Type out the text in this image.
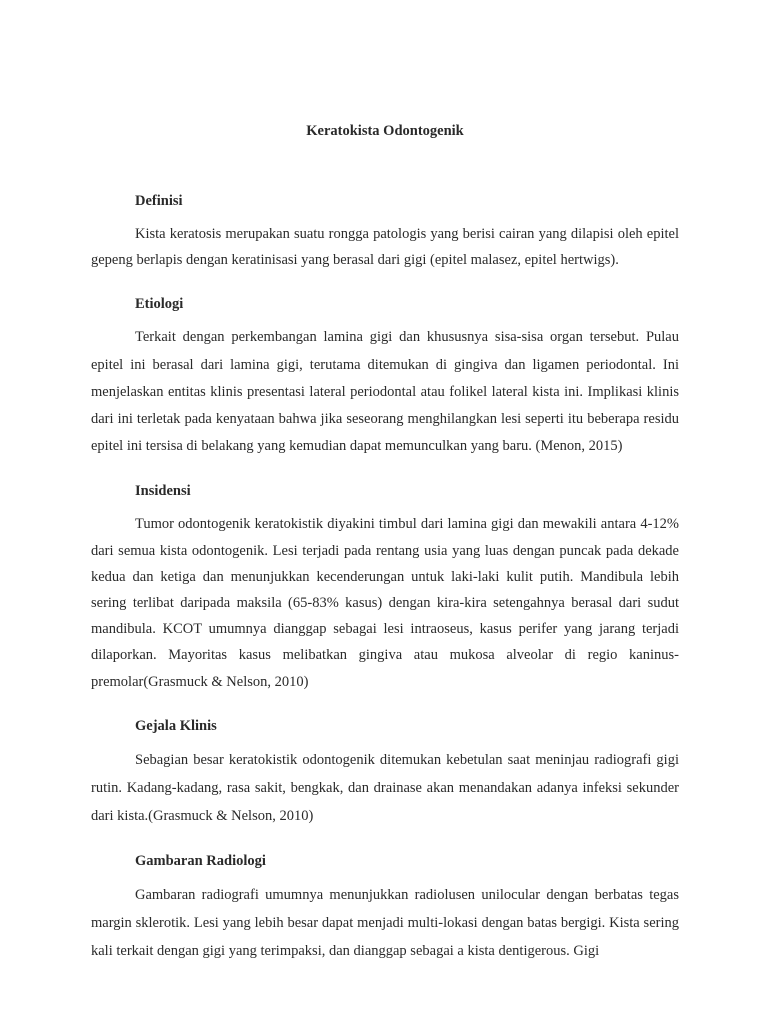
Keratokista Odontogenik
Definisi

Kista keratosis merupakan suatu rongga patologis yang berisi cairan yang dilapisi oleh epitel gepeng berlapis dengan keratinisasi yang berasal dari gigi (epitel malasez, epitel hertwigs).

Etiologi

Terkait dengan perkembangan lamina gigi dan khususnya sisa-sisa organ tersebut. Pulau epitel ini berasal dari lamina gigi, terutama ditemukan di gingiva dan ligamen periodontal. Ini menjelaskan entitas klinis presentasi lateral periodontal atau folikel lateral kista ini. Implikasi klinis dari ini terletak pada kenyataan bahwa jika seseorang menghilangkan lesi seperti itu beberapa residu epitel ini tersisa di belakang yang kemudian dapat memunculkan yang baru. (Menon, 2015)

Insidensi

Tumor odontogenik keratokistik diyakini timbul dari lamina gigi dan mewakili antara 4-12% dari semua kista odontogenik. Lesi terjadi pada rentang usia yang luas dengan puncak pada dekade kedua dan ketiga dan menunjukkan kecenderungan untuk laki-laki kulit putih. Mandibula lebih sering terlibat daripada maksila (65-83% kasus) dengan kira-kira setengahnya berasal dari sudut mandibula. KCOT umumnya dianggap sebagai lesi intraoseus, kasus perifer yang jarang terjadi dilaporkan. Mayoritas kasus melibatkan gingiva atau mukosa alveolar di regio kaninus-premolar(Grasmuck & Nelson, 2010)

Gejala Klinis

Sebagian besar keratokistik odontogenik ditemukan kebetulan saat meninjau radiografi gigi rutin. Kadang-kadang, rasa sakit, bengkak, dan drainase akan menandakan adanya infeksi sekunder dari kista.(Grasmuck & Nelson, 2010)

Gambaran Radiologi

Gambaran radiografi umumnya menunjukkan radiolusen unilocular dengan berbatas tegas margin sklerotik. Lesi yang lebih besar dapat menjadi multi-lokasi dengan batas bergigi. Kista sering kali terkait dengan gigi yang terimpaksi, dan dianggap sebagai a kista dentigerous. Gigi
